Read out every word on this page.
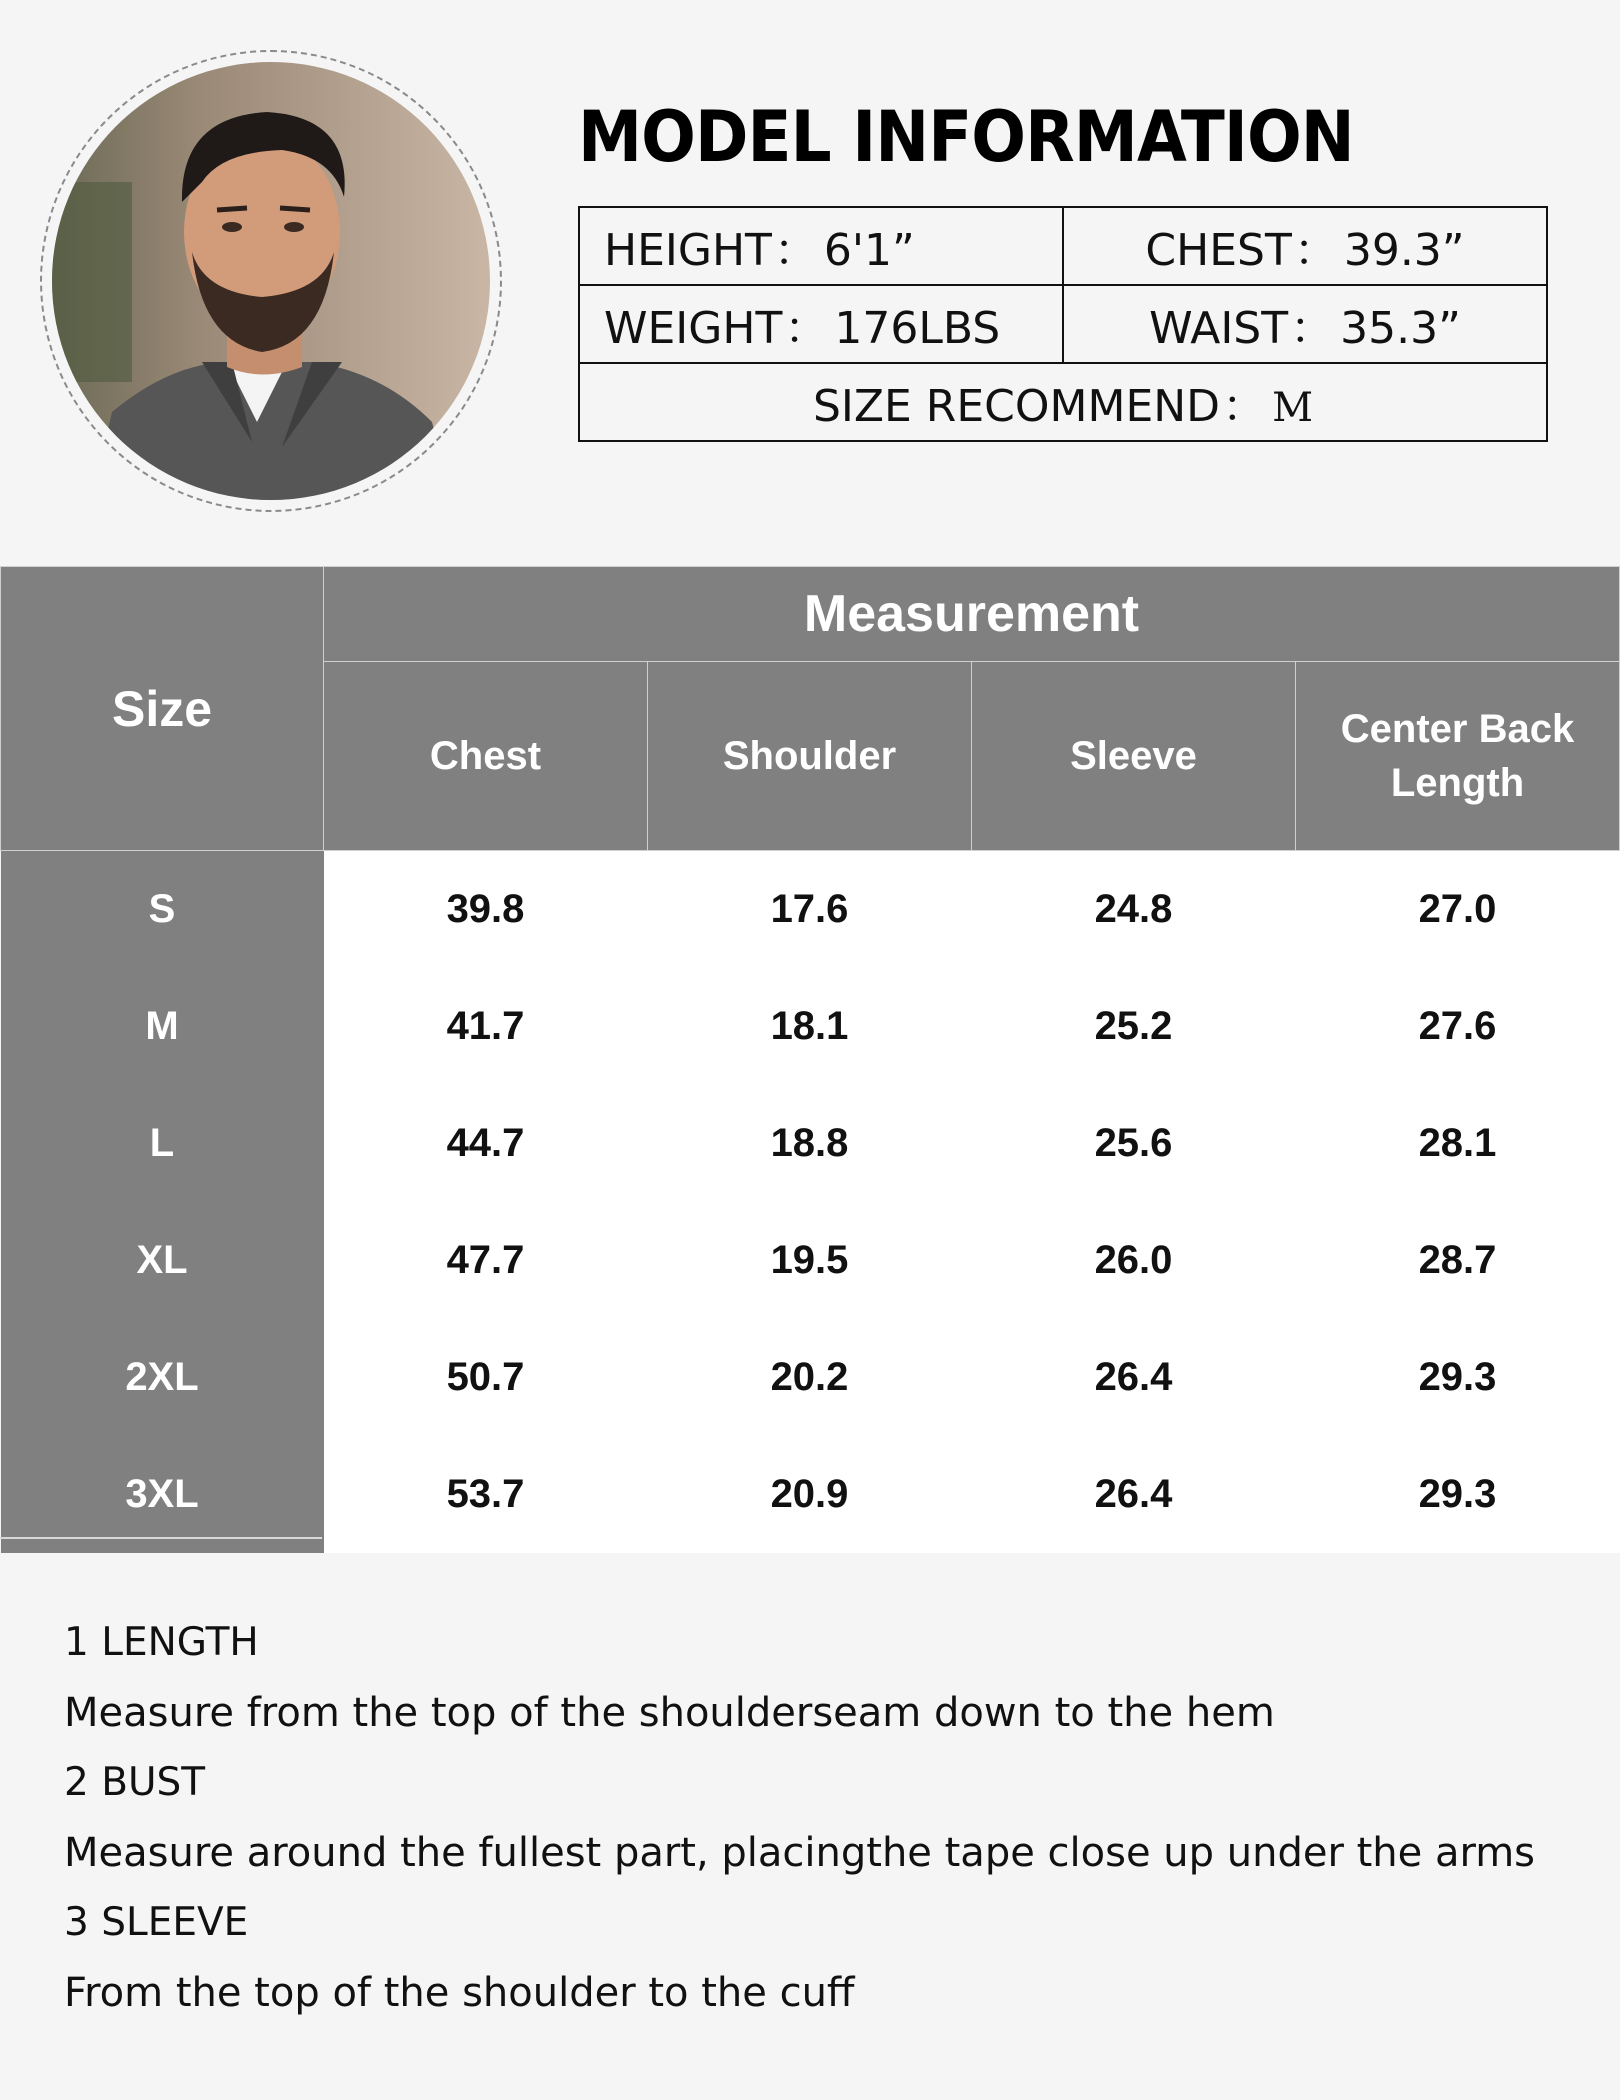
MODEL INFORMATION
HEIGHT： 6'1”	CHEST： 39.3”
WEIGHT： 176LBS	WAIST： 35.3”
SIZE RECOMMEND： M	
Size	Measurement			
	Chest	Shoulder	Sleeve	Center Back
Length
S	39.8	17.6	24.8	27.0
M	41.7	18.1	25.2	27.6
L	44.7	18.8	25.6	28.1
XL	47.7	19.5	26.0	28.7
2XL	50.7	20.2	26.4	29.3
3XL	53.7	20.9	26.4	29.3
1 LENGTH
Measure from the top of the shoulderseam down to the hem
2 BUST
Measure around the fullest part, placingthe tape close up under the arms
3 SLEEVE
From the top of the shoulder to the cuff
